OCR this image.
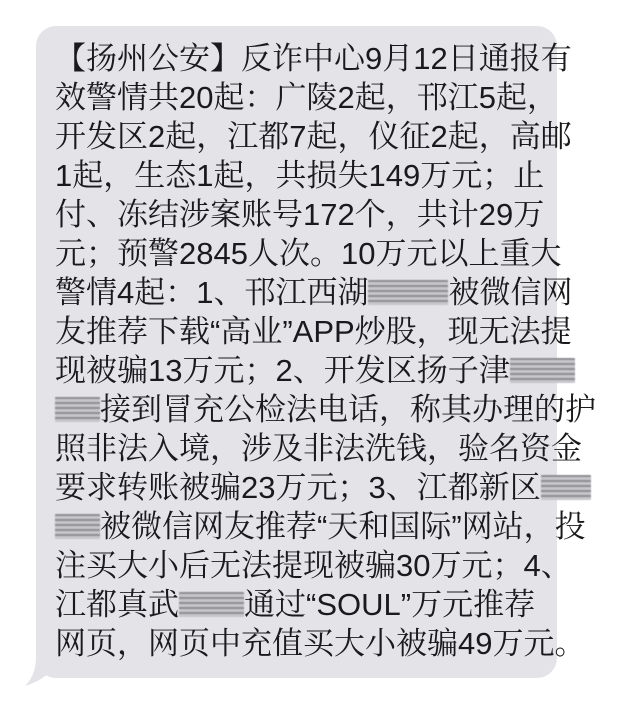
【扬州公安】反诈中心9月12日通报有
效警情共20起：广陵2起，邗江5起，
开发区2起，江都7起，仪征2起，高邮
1起，生态1起，共损失149万元；止
付、冻结涉案账号172个，共计29万
元；预警2845人次。10万元以上重大
警情4起：1、邗江西湖	被微信网
友推荐下载“高业”APP炒股，现无法提
现被骗13万元；2、开发区扬子津
接到冒充公检法电话，称其办理的护
照非法入境，涉及非法洗钱，验名资金
要求转账被骗23万元；3、江都新区
被微信网友推荐“天和国际”网站，投
注买大小后无法提现被骗30万元；4、
江都真武 通过“SOUL”万元推荐
网页，网页中充值买大小被骗49万元。
